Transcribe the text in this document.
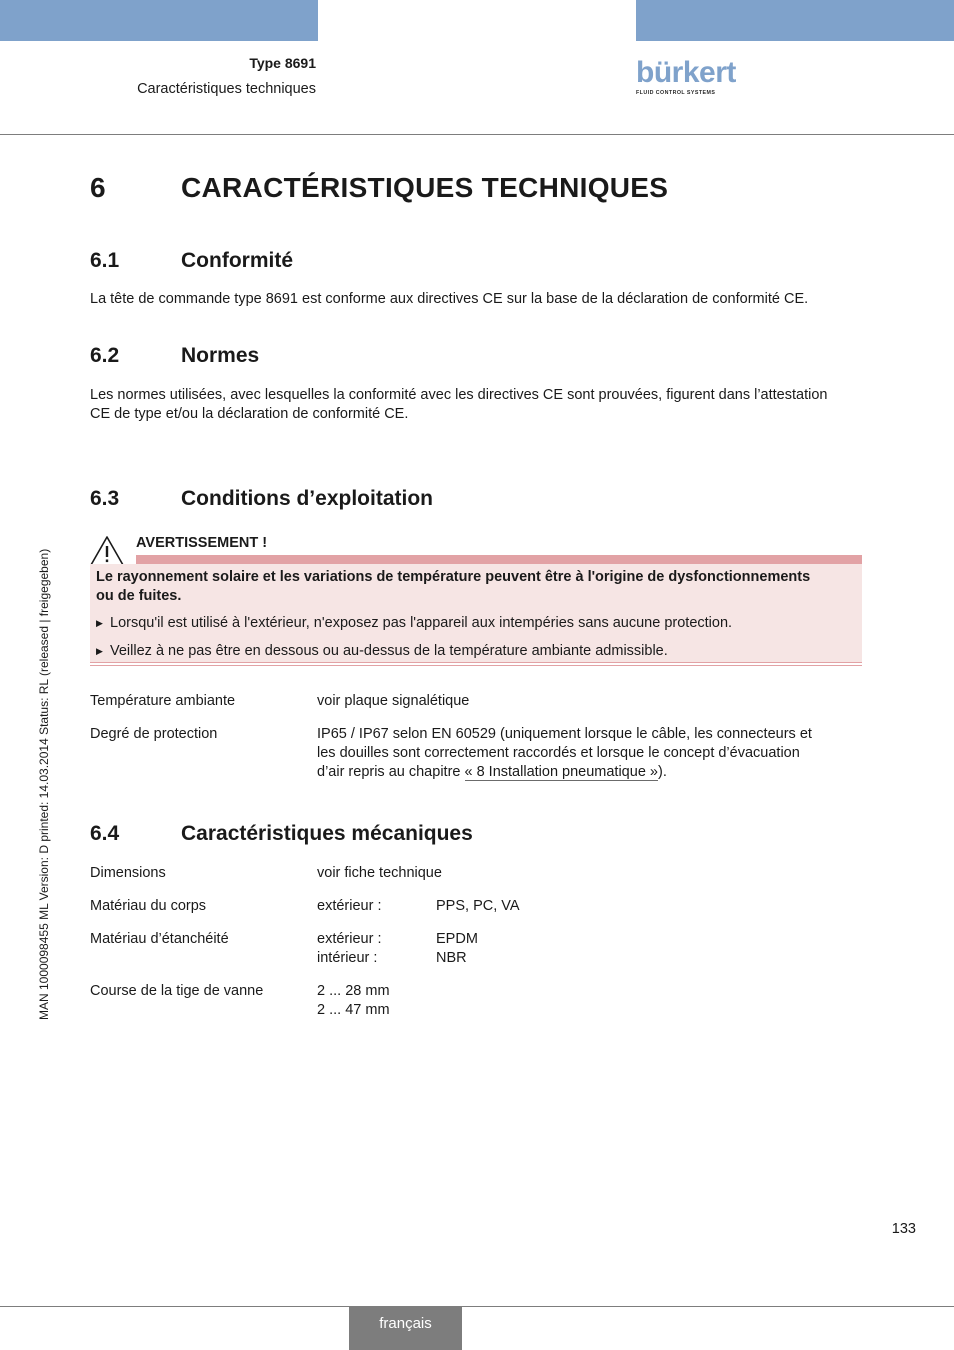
Type 8691
Caractéristiques techniques	bürkert
FLUID CONTROL SYSTEMS
MAN 1000098455 ML Version: D printed: 14.03.2014 Status: RL (released | freigegeben)
6	CARACTÉRISTIQUES TECHNIQUES
6.1	Conformité
La tête de commande type 8691 est conforme aux directives CE sur la base de la déclaration de conformité CE.
6.2	Normes
Les normes utilisées, avec lesquelles la conformité avec les directives CE sont prouvées, figurent dans l’attestation
CE de type et/ou la déclaration de conformité CE.
6.3	Conditions d’exploitation
AVERTISSEMENT !
Le rayonnement solaire et les variations de température peuvent être à l'origine de dysfonctionnements
ou de fuites.
▶ Lorsqu'il est utilisé à l'extérieur, n'exposez pas l'appareil aux intempéries sans aucune protection.
▶ Veillez à ne pas être en dessous ou au-dessus de la température ambiante admissible.
Température ambiante	voir plaque signalétique
Degré de protection	IP65 / IP67 selon EN 60529 (uniquement lorsque le câble, les connecteurs et
les douilles sont correctement raccordés et lorsque le concept d’évacuation
d’air repris au chapitre « 8 Installation pneumatique »).
6.4	Caractéristiques mécaniques
Dimensions	voir fiche technique
Matériau du corps	extérieur :	PPS, PC, VA
Matériau d’étanchéité	extérieur :	EPDM
intérieur :	NBR
Course de la tige de vanne	2 ... 28 mm
2 ... 47 mm
133
français
